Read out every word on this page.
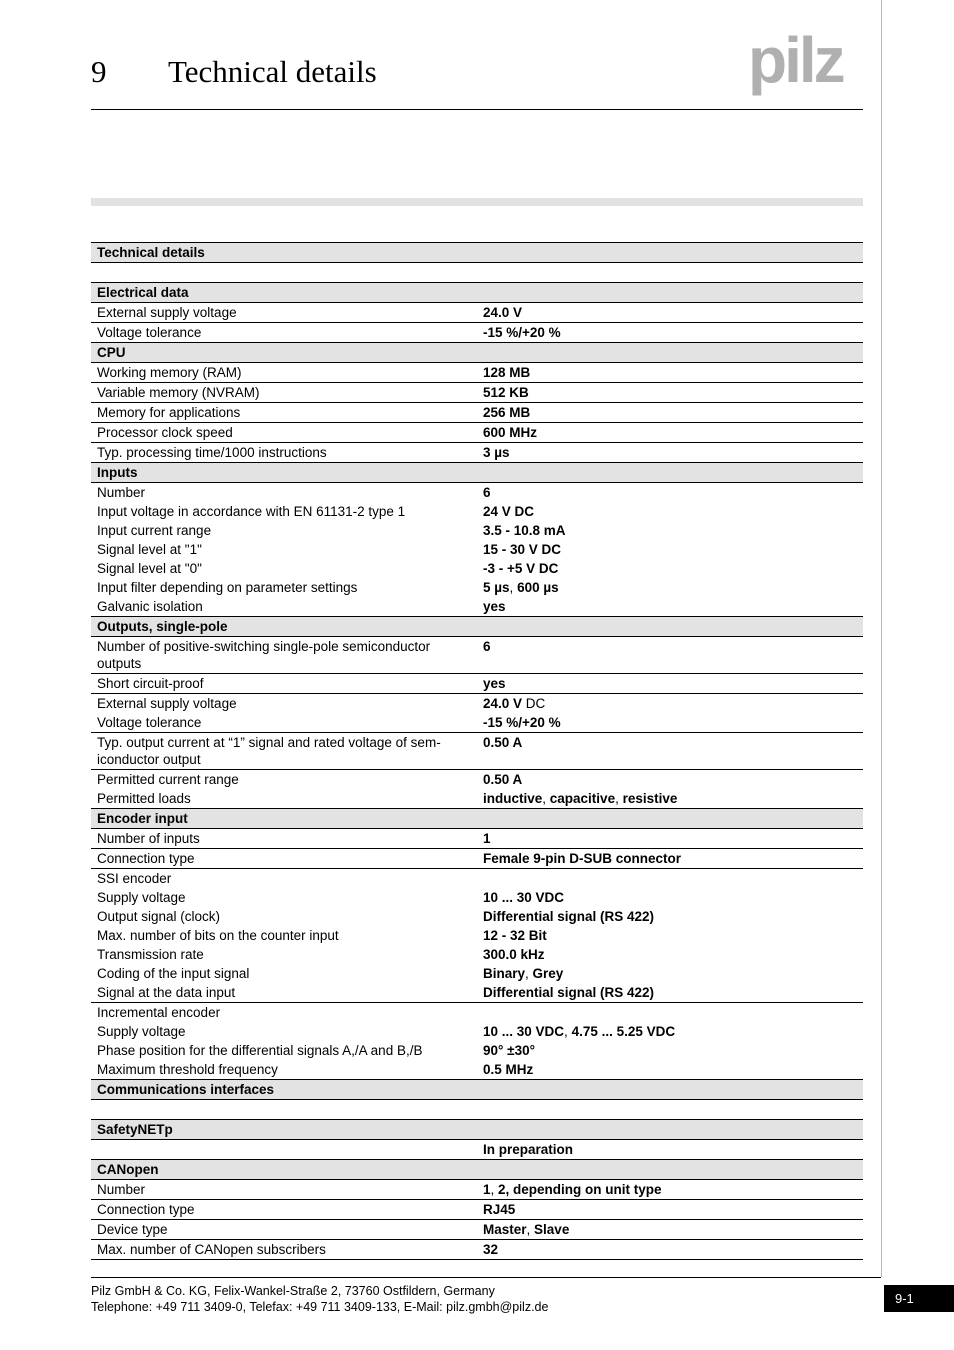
9 Technical details	pilz
Technical details	

Electrical data	
External supply voltage	24.0 V
Voltage tolerance	-15 %/+20 %
CPU	
Working memory (RAM)	128 MB
Variable memory (NVRAM)	512 KB
Memory for applications	256 MB
Processor clock speed	600 MHz
Typ. processing time/1000 instructions	3 µs
Inputs	
Number	6
Input voltage in accordance with EN 61131-2 type 1	24 V DC
Input current range	3.5 - 10.8 mA
Signal level at "1"	15 - 30 V DC
Signal level at "0"	-3 - +5 V DC
Input filter depending on parameter settings	5 µs, 600 µs
Galvanic isolation	yes
Outputs, single-pole	
Number of positive-switching single-pole semiconductor outputs	6
Short circuit-proof	yes
External supply voltage	24.0 V DC
Voltage tolerance	-15 %/+20 %
Typ. output current at “1” signal and rated voltage of sem-iconductor output	0.50 A
Permitted current range	0.50 A
Permitted loads	inductive, capacitive, resistive
Encoder input	
Number of inputs	1
Connection type	Female 9-pin D-SUB connector
SSI encoder	
Supply voltage	10 ... 30 VDC
Output signal (clock)	Differential signal (RS 422)
Max. number of bits on the counter input	12 - 32 Bit
Transmission rate	300.0 kHz
Coding of the input signal	Binary, Grey
Signal at the data input	Differential signal (RS 422)
Incremental encoder	
Supply voltage	10 ... 30 VDC, 4.75 ... 5.25 VDC
Phase position for the differential signals A,/A and B,/B	90° ±30°
Maximum threshold frequency	0.5 MHz
Communications interfaces	

SafetyNETp	
	In preparation
CANopen	
Number	1, 2, depending on unit type
Connection type	RJ45
Device type	Master, Slave
Max. number of CANopen subscribers	32
Pilz GmbH & Co. KG, Felix-Wankel-Straße 2, 73760 Ostfildern, Germany
Telephone: +49 711 3409-0, Telefax: +49 711 3409-133, E-Mail: pilz.gmbh@pilz.de
9-1
